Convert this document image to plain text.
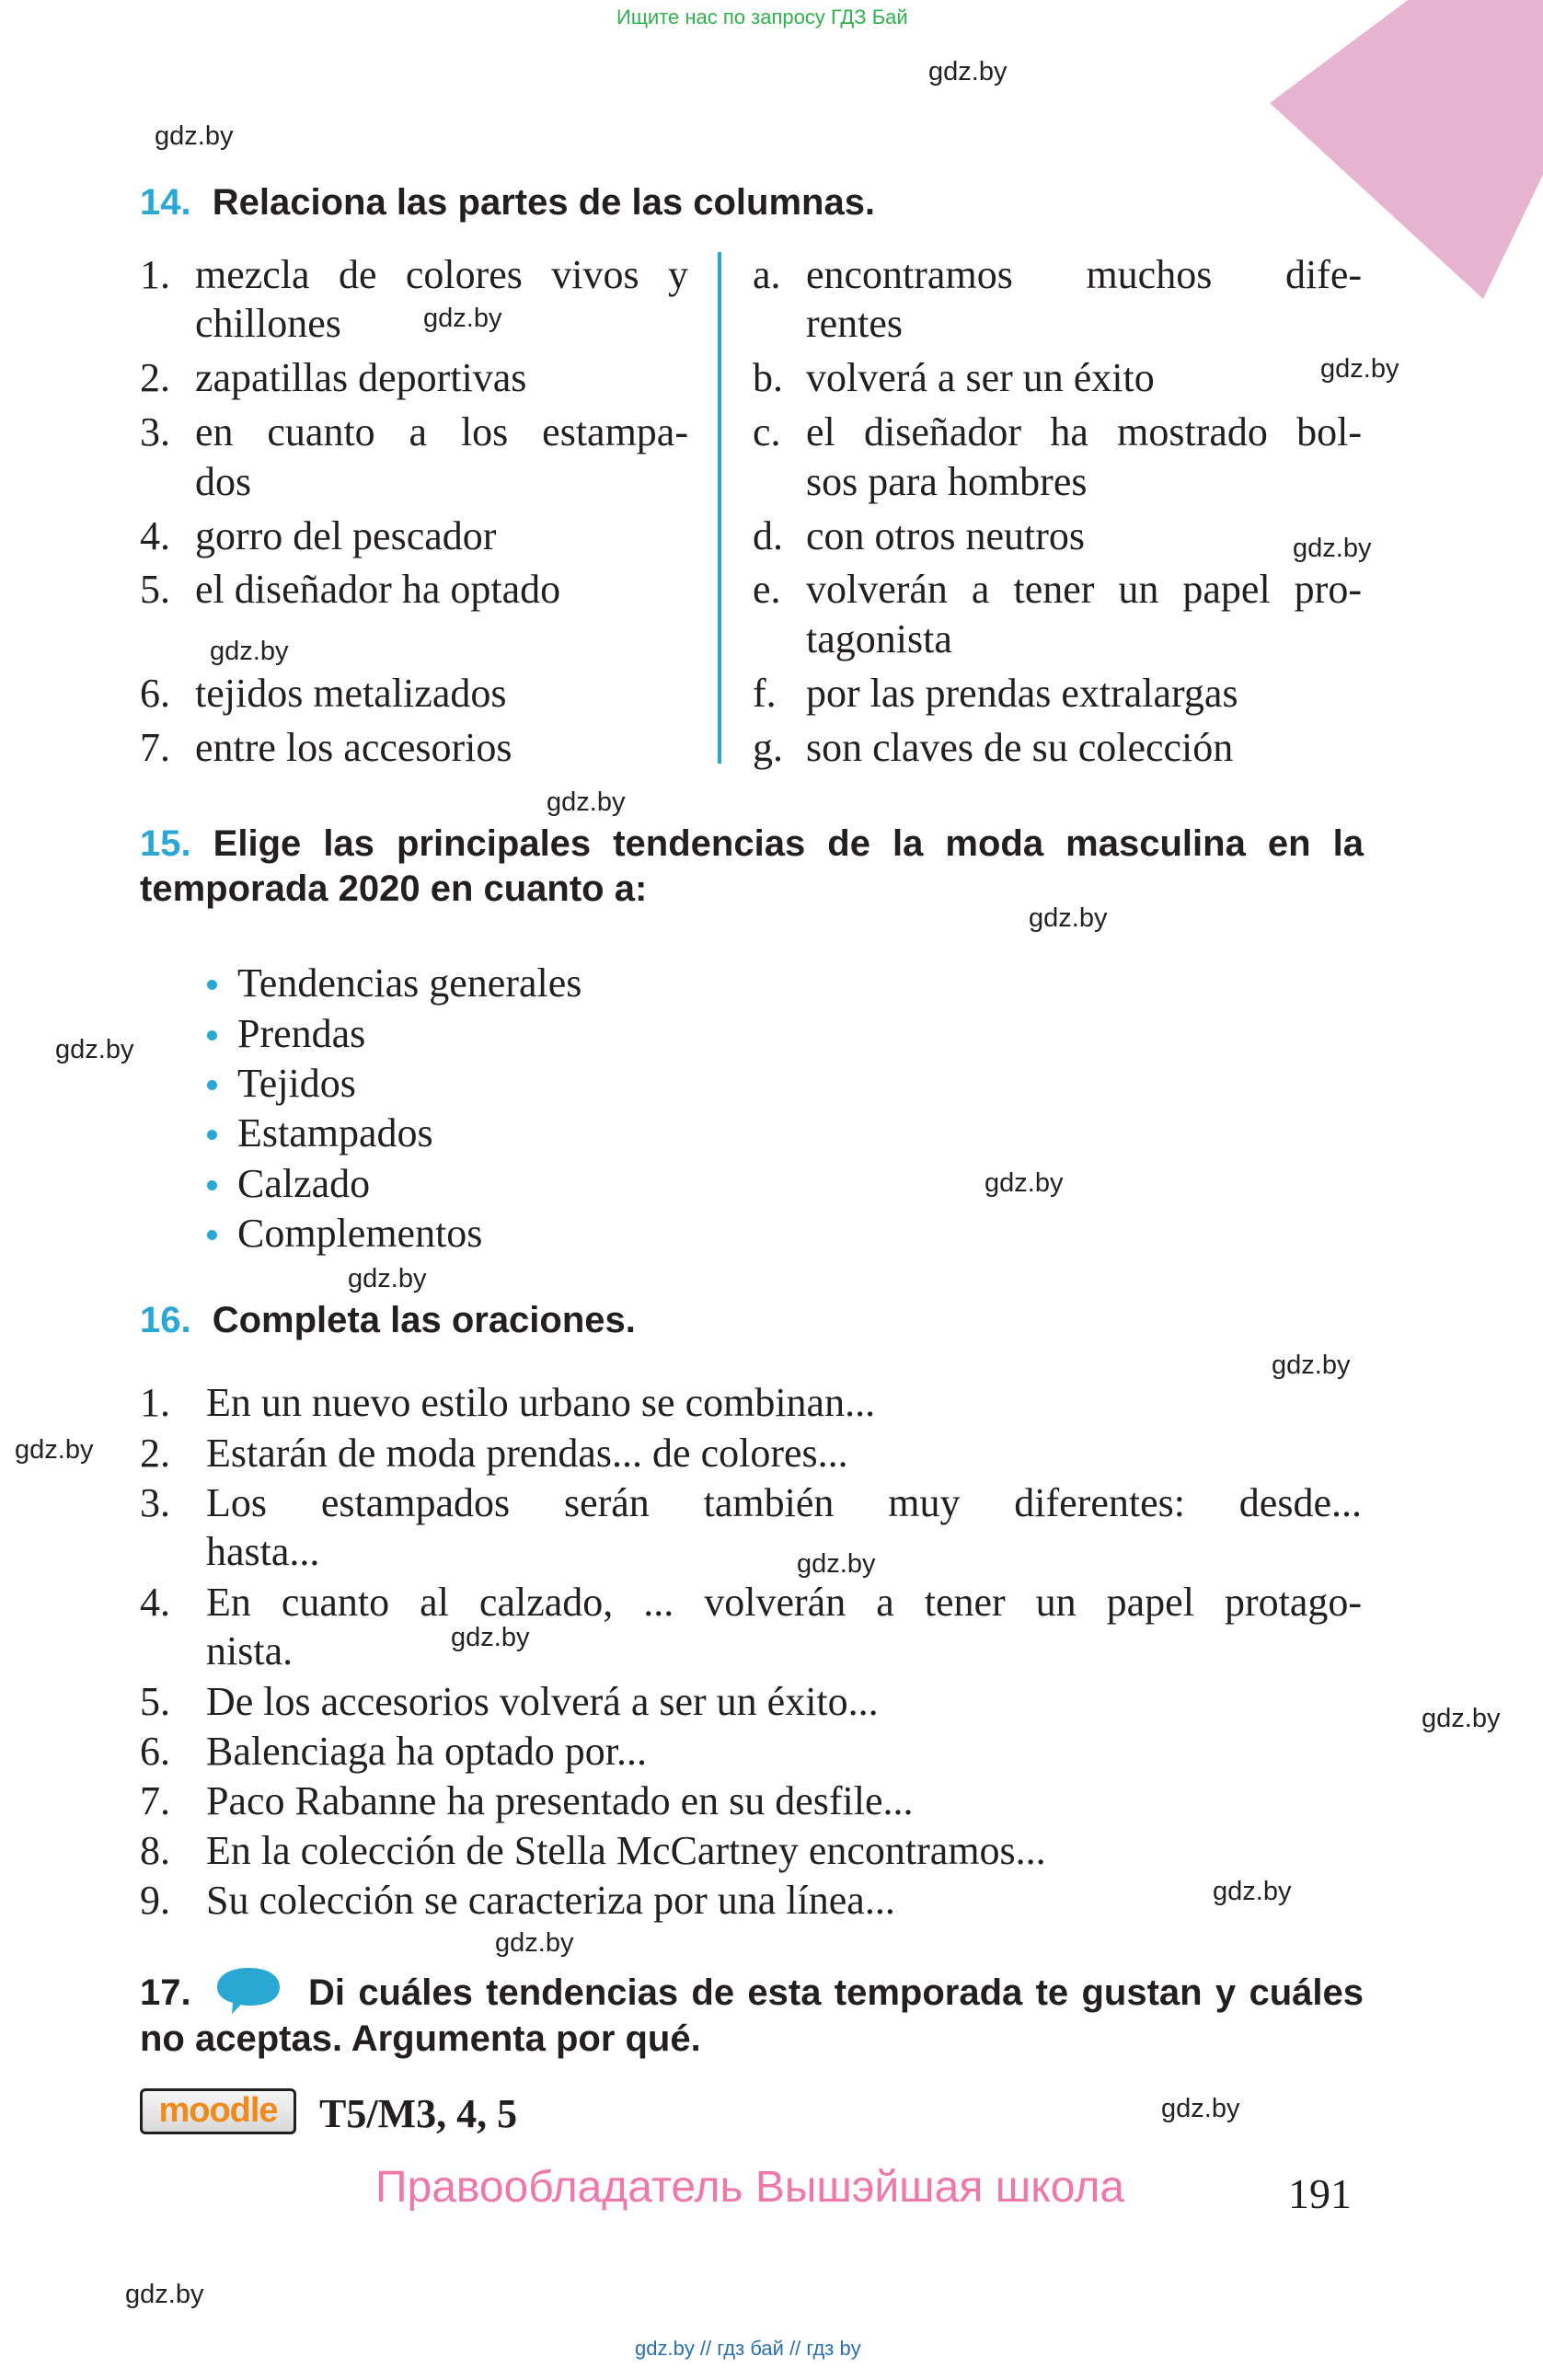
Ищите нас по запросу ГДЗ Бай
gdz.by
gdz.by
gdz.by
gdz.by
gdz.by
gdz.by
gdz.by
gdz.by
gdz.by
gdz.by
gdz.by
gdz.by
gdz.by
gdz.by
gdz.by
gdz.by
gdz.by
gdz.by
gdz.by
gdz.by
14. Relaciona las partes de las columnas.
1. mezcla de colores vivos y
chillones
2. zapatillas deportivas
3. en cuanto a los estampa-
dos
4. gorro del pescador
5. el diseñador ha optado
6. tejidos metalizados
7. entre los accesorios
a. encontramos muchos dife-
rentes
b. volverá a ser un éxito
c. el diseñador ha mostrado bol-
sos para hombres
d. con otros neutros
e. volverán a tener un papel pro-
tagonista
f. por las prendas extralargas
g. son claves de su colección
15. Elige las principales tendencias de la moda masculina en la
temporada 2020 en cuanto a:
Tendencias generales
Prendas
Tejidos
Estampados
Calzado
Complementos
16. Completa las oraciones.
1. En un nuevo estilo urbano se combinan...
2. Estarán de moda prendas... de colores...
3. Los estampados serán también muy diferentes: desde...
hasta...
4. En cuanto al calzado, ... volverán a tener un papel protago-
nista.
5. De los accesorios volverá a ser un éxito...
6. Balenciaga ha optado por...
7. Paco Rabanne ha presentado en su desfile...
8. En la colección de Stella McCartney encontramos...
9. Su colección se caracteriza por una línea...
17.	Di cuáles tendencias de esta temporada te gustan y cuáles
no aceptas. Argumenta por qué.
moodle	T5/M3, 4, 5
Правообладатель Вышэйшая школа	191
gdz.by // гдз бай // гдз by
